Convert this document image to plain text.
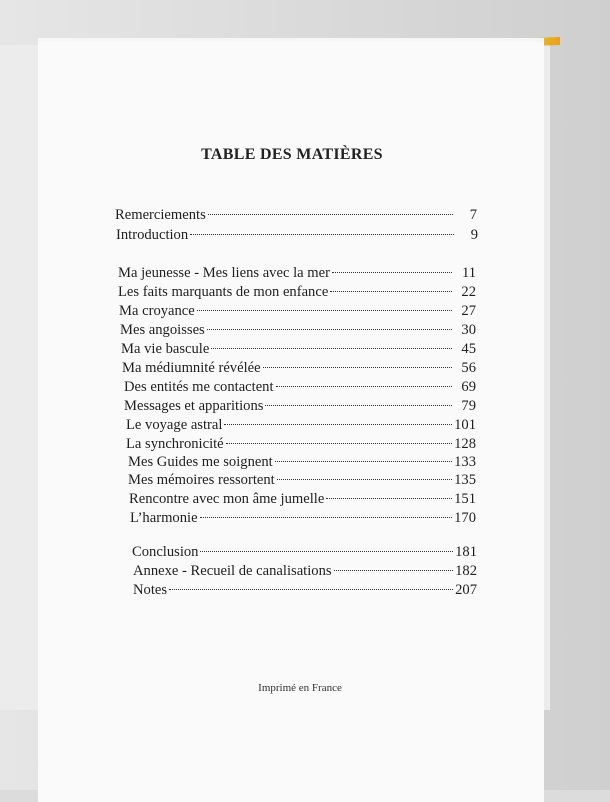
TABLE DES MATIÈRES
Remerciements	7
Introduction	9
Ma jeunesse - Mes liens avec la mer	11
Les faits marquants de mon enfance	22
Ma croyance	27
Mes angoisses	30
Ma vie bascule	45
Ma médiumnité révélée	56
Des entités me contactent	69
Messages et apparitions	79
Le voyage astral	101
La synchronicité	128
Mes Guides me soignent	133
Mes mémoires ressortent	135
Rencontre avec mon âme jumelle	151
L’harmonie	170
Conclusion	181
Annexe - Recueil de canalisations	182
Notes	207
Imprimé en France
